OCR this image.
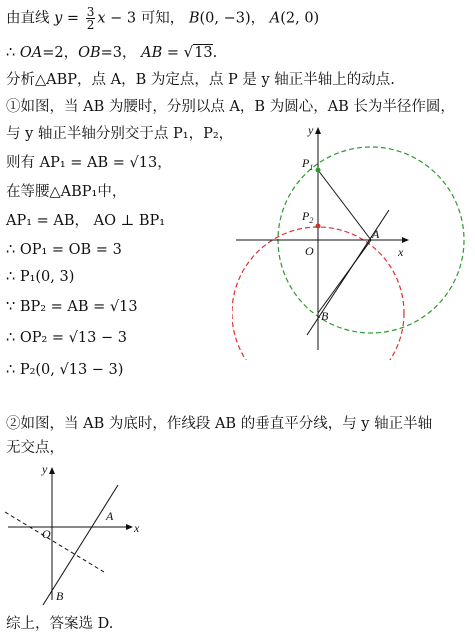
由直线 $y = \frac{3}{2}$ x − 3 可知， B(0, −3)， A(2, 0)
∴ OA=2，OB=3， AB = √13.
分析△ABP，点 A，B 为定点，点 P 是 y 轴正半轴上的动点.
①如图，当 AB 为腰时，分别以点 A，B 为圆心，AB 长为半径作圆，
与 y 轴正半轴分别交于点 P₁，P₂，
则有 AP₁ = AB = √13，
在等腰△ABP₁中，
AP₁ = AB， AO ⊥ BP₁
∴ OP₁ = OB = 3
∴ P₁(0, 3)
∵ BP₂ = AB = √13
∴ OP₂ = √13 − 3
∴ P₂(0, √13 − 3)
②如图，当 AB 为底时，作线段 AB 的垂直平分线，与 y 轴正半轴
无交点，
综上，答案选 D.
y
x
O
A
B
$P_1$
$P_2$
y
x
O
A
B
